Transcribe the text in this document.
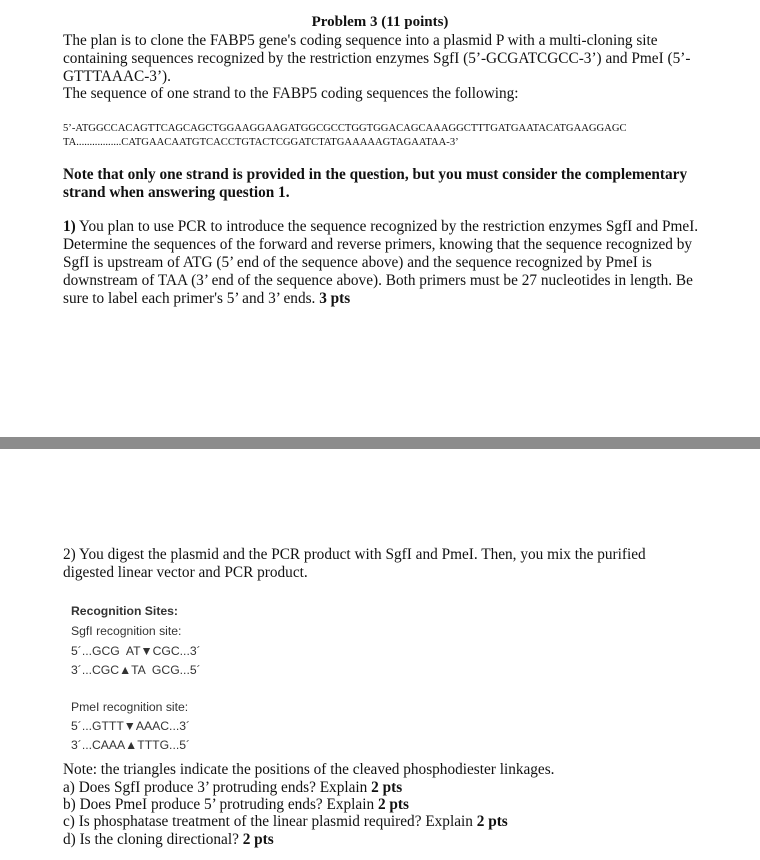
Problem 3 (11 points)
The plan is to clone the FABP5 gene's coding sequence into a plasmid P with a multi-cloning site containing sequences recognized by the restriction enzymes SgfI (5’-GCGATCGCC-3’) and PmeI (5’-GTTTAAAC-3’).
The sequence of one strand to the FABP5 coding sequences the following:
5’-ATGGCCACAGTTCAGCAGCTGGAAGGAAGATGGCGCCTGGTGGACAGCAAAGGCTTTGATGAATACATGAAGGAGC
TA.................CATGAACAATGTCACCTGTACTCGGATCTATGAAAAAGTAGAATAA-3’
Note that only one strand is provided in the question, but you must consider the complementary strand when answering question 1.
1) You plan to use PCR to introduce the sequence recognized by the restriction enzymes SgfI and PmeI. Determine the sequences of the forward and reverse primers, knowing that the sequence recognized by SgfI is upstream of ATG (5’ end of the sequence above) and the sequence recognized by PmeI is downstream of TAA (3’ end of the sequence above). Both primers must be 27 nucleotides in length. Be sure to label each primer's 5’ and 3’ ends. 3 pts
2) You digest the plasmid and the PCR product with SgfI and PmeI. Then, you mix the purified digested linear vector and PCR product.
Recognition Sites:
SgfI recognition site:
5´...GCG  AT▼CGC...3´
3´...CGC▲TA  GCG...5´
PmeI recognition site:
5´...GTTT▼AAAC...3´
3´...CAAA▲TTTG...5´
Note: the triangles indicate the positions of the cleaved phosphodiester linkages.
a) Does SgfI produce 3’ protruding ends? Explain 2 pts
b) Does PmeI produce 5’ protruding ends? Explain 2 pts
c) Is phosphatase treatment of the linear plasmid required? Explain 2 pts
d) Is the cloning directional? 2 pts
